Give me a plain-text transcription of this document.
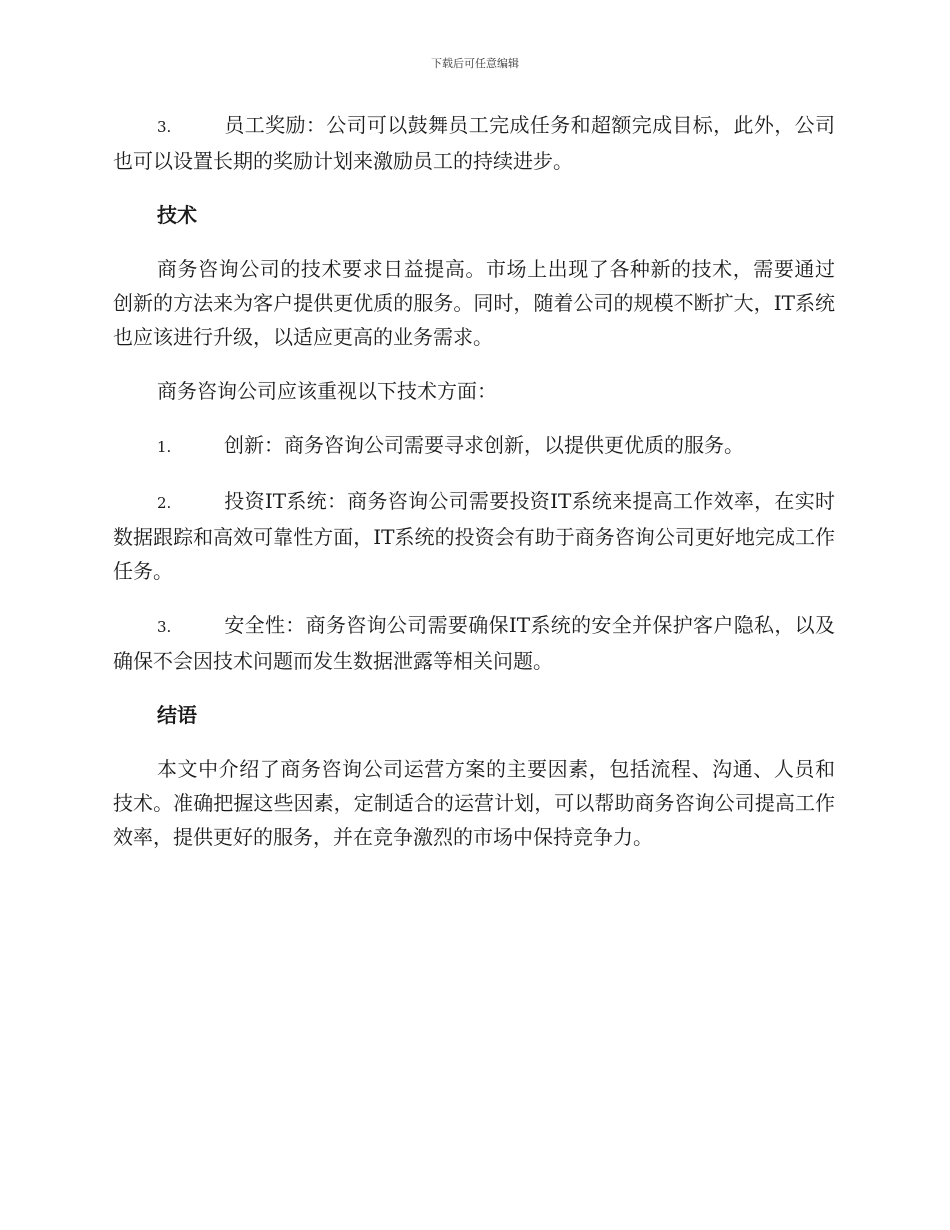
下载后可任意编辑

3.	员工奖励：公司可以鼓舞员工完成任务和超额完成目标，此外，公司也可以设置长期的奖励计划来激励员工的持续进步。

技术

商务咨询公司的技术要求日益提高。市场上出现了各种新的技术，需要通过创新的方法来为客户提供更优质的服务。同时，随着公司的规模不断扩大，IT系统也应该进行升级，以适应更高的业务需求。

商务咨询公司应该重视以下技术方面：

1.	创新：商务咨询公司需要寻求创新，以提供更优质的服务。

2.	投资IT系统：商务咨询公司需要投资IT系统来提高工作效率，在实时数据跟踪和高效可靠性方面，IT系统的投资会有助于商务咨询公司更好地完成工作任务。

3.	安全性：商务咨询公司需要确保IT系统的安全并保护客户隐私，以及确保不会因技术问题而发生数据泄露等相关问题。

结语

本文中介绍了商务咨询公司运营方案的主要因素，包括流程、沟通、人员和技术。准确把握这些因素，定制适合的运营计划，可以帮助商务咨询公司提高工作效率，提供更好的服务，并在竞争激烈的市场中保持竞争力。
